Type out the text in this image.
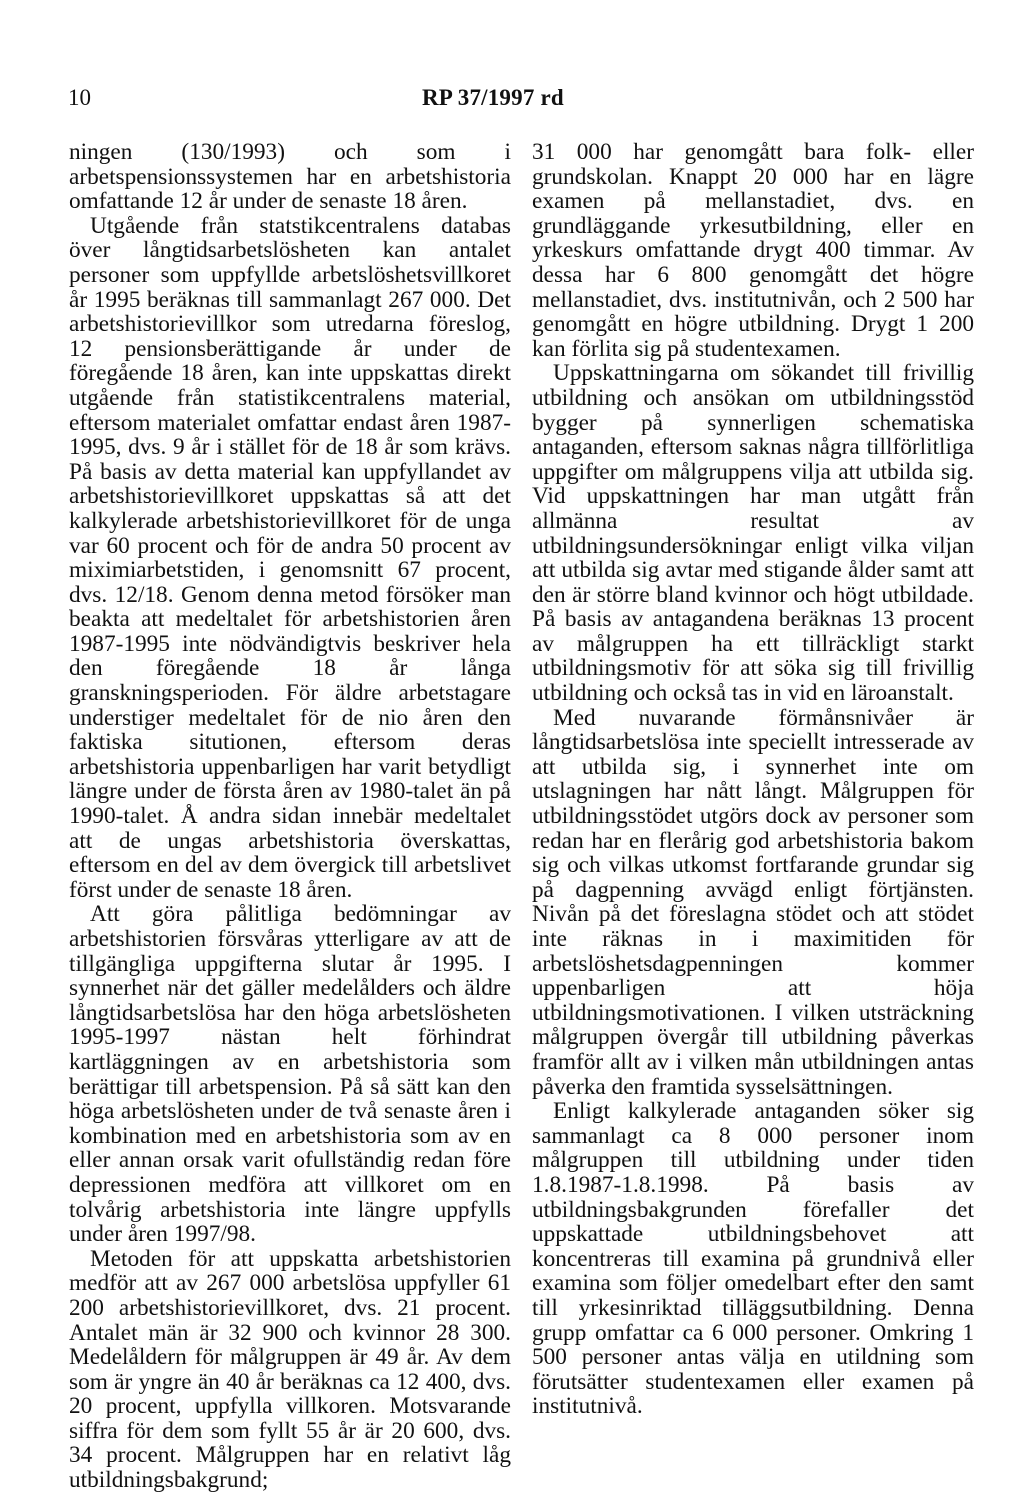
10	RP 37/1997 rd

ningen (130/1993) och som i arbetspensionssystemen har en arbetshistoria omfattande 12 år under de senaste 18 åren.

Utgående från statstikcentralens databas över långtidsarbetslösheten kan antalet personer som uppfyllde arbetslöshetsvillkoret år 1995 beräknas till sammanlagt 267 000. Det arbetshistorievillkor som utredarna föreslog, 12 pensionsberättigande år under de föregående 18 åren, kan inte uppskattas direkt utgående från statistikcentralens material, eftersom materialet omfattar endast åren 1987-1995, dvs. 9 år i stället för de 18 år som krävs. På basis av detta material kan uppfyllandet av arbetshistorievillkoret uppskattas så att det kalkylerade arbetshistorievillkoret för de unga var 60 procent och för de andra 50 procent av miximiarbetstiden, i genomsnitt 67 procent, dvs. 12/18. Genom denna metod försöker man beakta att medeltalet för arbetshistorien åren 1987-1995 inte nödvändigtvis beskriver hela den föregående 18 år långa granskningsperioden. För äldre arbetstagare understiger medeltalet för de nio åren den faktiska situtionen, eftersom deras arbetshistoria uppenbarligen har varit betydligt längre under de första åren av 1980-talet än på 1990-talet. Å andra sidan innebär medeltalet att de ungas arbetshistoria överskattas, eftersom en del av dem övergick till arbetslivet först under de senaste 18 åren.

Att göra pålitliga bedömningar av arbetshistorien försvåras ytterligare av att de tillgängliga uppgifterna slutar år 1995. I synnerhet när det gäller medelålders och äldre långtidsarbetslösa har den höga arbetslösheten 1995-1997 nästan helt förhindrat kartläggningen av en arbetshistoria som berättigar till arbetspension. På så sätt kan den höga arbetslösheten under de två senaste åren i kombination med en arbetshistoria som av en eller annan orsak varit ofullständig redan före depressionen medföra att villkoret om en tolvårig arbetshistoria inte längre uppfylls under åren 1997/98.

Metoden för att uppskatta arbetshistorien medför att av 267 000 arbetslösa uppfyller 61 200 arbetshistorievillkoret, dvs. 21 procent. Antalet män är 32 900 och kvinnor 28 300. Medelåldern för målgruppen är 49 år. Av dem som är yngre än 40 år beräknas ca 12 400, dvs. 20 procent, uppfylla villkoren. Motsvarande siffra för dem som fyllt 55 år är 20 600, dvs. 34 procent. Målgruppen har en relativt låg utbildningsbakgrund;

31 000 har genomgått bara folk- eller grundskolan. Knappt 20 000 har en lägre examen på mellanstadiet, dvs. en grundläggande yrkesutbildning, eller en yrkeskurs omfattande drygt 400 timmar. Av dessa har 6 800 genomgått det högre mellanstadiet, dvs. institutnivån, och 2 500 har genomgått en högre utbildning. Drygt 1 200 kan förlita sig på studentexamen.

Uppskattningarna om sökandet till frivillig utbildning och ansökan om utbildningsstöd bygger på synnerligen schematiska antaganden, eftersom saknas några tillförlitliga uppgifter om målgruppens vilja att utbilda sig. Vid uppskattningen har man utgått från allmänna resultat av utbildningsundersökningar enligt vilka viljan att utbilda sig avtar med stigande ålder samt att den är större bland kvinnor och högt utbildade. På basis av antagandena beräknas 13 procent av målgruppen ha ett tillräckligt starkt utbildningsmotiv för att söka sig till frivillig utbildning och också tas in vid en läroanstalt.

Med nuvarande förmånsnivåer är långtidsarbetslösa inte speciellt intresserade av att utbilda sig, i synnerhet inte om utslagningen har nått långt. Målgruppen för utbildningsstödet utgörs dock av personer som redan har en flerårig god arbetshistoria bakom sig och vilkas utkomst fortfarande grundar sig på dagpenning avvägd enligt förtjänsten. Nivån på det föreslagna stödet och att stödet inte räknas in i maximitiden för arbetslöshetsdagpenningen kommer uppenbarligen att höja utbildningsmotivationen. I vilken utsträckning målgruppen övergår till utbildning påverkas framför allt av i vilken mån utbildningen antas påverka den framtida sysselsättningen.

Enligt kalkylerade antaganden söker sig sammanlagt ca 8 000 personer inom målgruppen till utbildning under tiden 1.8.1987-1.8.1998. På basis av utbildningsbakgrunden förefaller det uppskattade utbildningsbehovet att koncentreras till examina på grundnivå eller examina som följer omedelbart efter den samt till yrkesinriktad tilläggsutbildning. Denna grupp omfattar ca 6 000 personer. Omkring 1 500 personer antas välja en utildning som förutsätter studentexamen eller examen på institutnivå.
